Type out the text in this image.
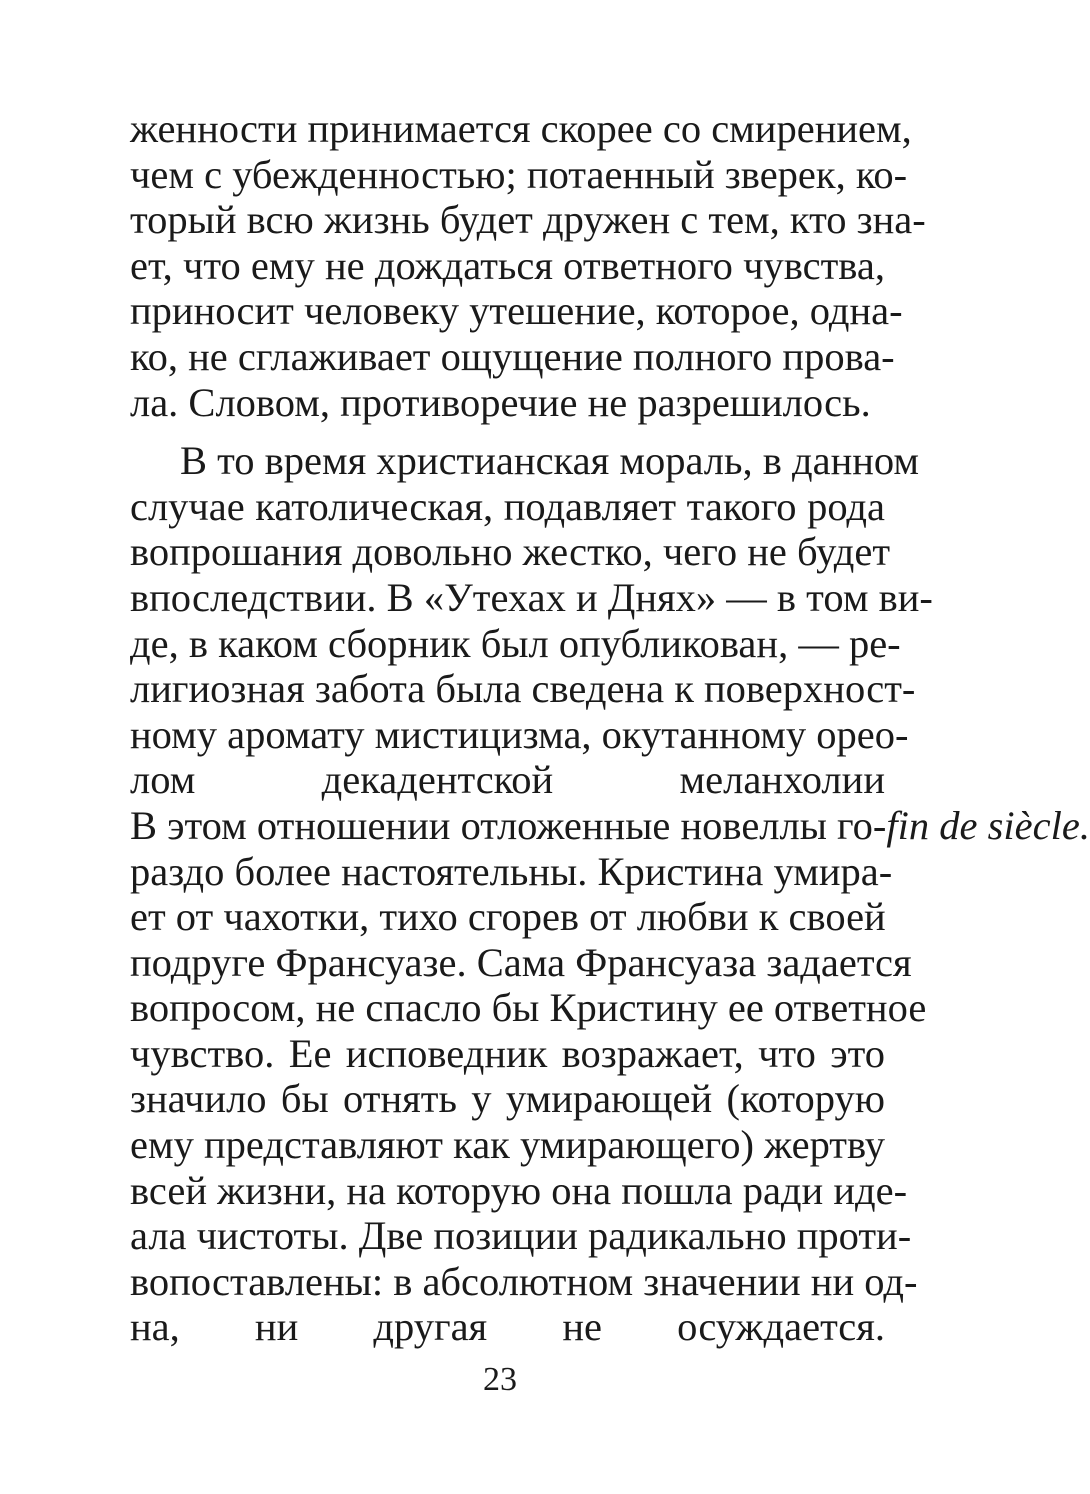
женности принимается скорее со смирением,
чем с убежденностью; потаенный зверек, ко-
торый всю жизнь будет дружен с тем, кто зна-
ет, что ему не дождаться ответного чувства,
приносит человеку утешение, которое, одна-
ко, не сглаживает ощущение полного прова-
ла. Словом, противоречие не разрешилось.
В то время христианская мораль, в данном
случае католическая, подавляет такого рода
вопрошания довольно жестко, чего не будет
впоследствии. В «Утехах и Днях» — в том ви-
де, в каком сборник был опубликован, — ре-
лигиозная забота была сведена к поверхност-
ному аромату мистицизма, окутанному орео-
лом декадентской меланхолии
В этом отношении отложенные новеллы го-fin de siècle.
раздо более настоятельны. Кристина умира-
ет от чахотки, тихо сгорев от любви к своей
подруге Франсуазе. Сама Франсуаза задается
вопросом, не спасло бы Кристину ее ответное
чувство. Ее исповедник возражает, что это
значило бы отнять у умирающей (которую
ему представляют как умирающего) жертву
всей жизни, на которую она пошла ради иде-
ала чистоты. Две позиции радикально проти-
вопоставлены: в абсолютном значении ни од-
на, ни другая не осуждается.
23
